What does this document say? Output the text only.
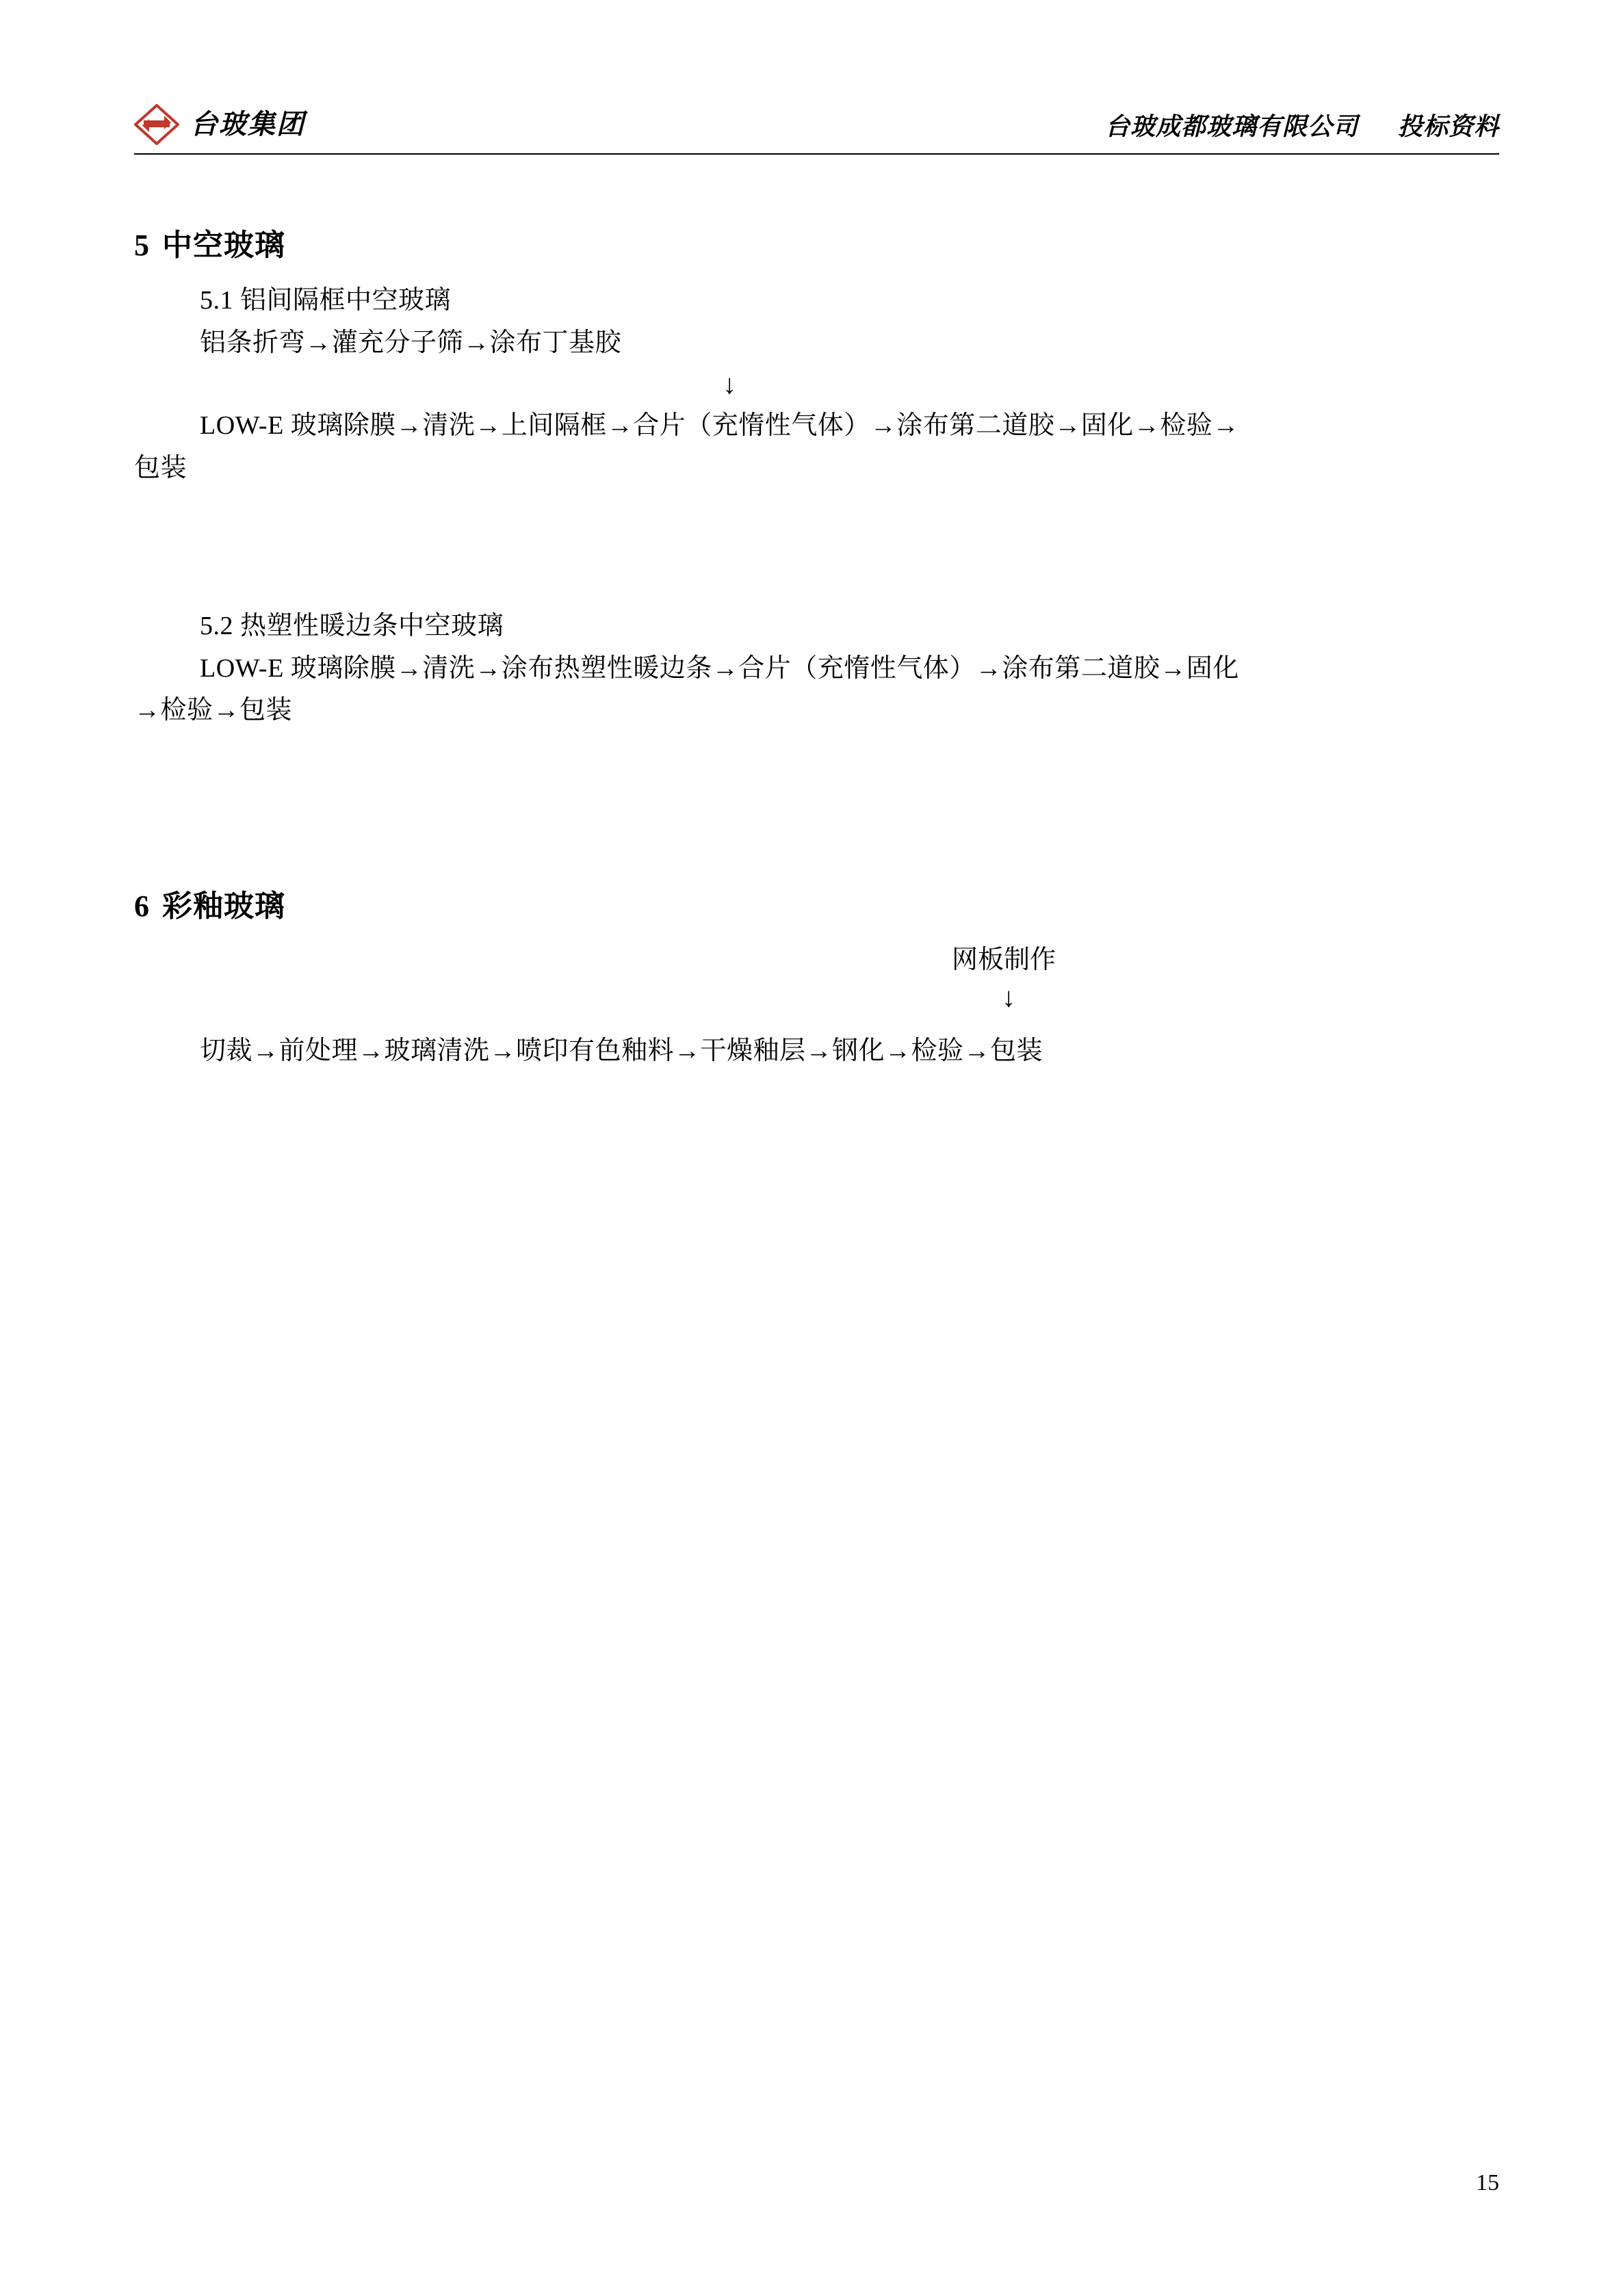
台玻集团	台玻成都玻璃有限公司 投标资料
5 中空玻璃

5.1 铝间隔框中空玻璃

铝条折弯→灌充分子筛→涂布丁基胶

↓

LOW-E 玻璃除膜→清洗→上间隔框→合片（充惰性气体）→涂布第二道胶→固化→检验→

包装

5.2 热塑性暖边条中空玻璃

LOW-E 玻璃除膜→清洗→涂布热塑性暖边条→合片（充惰性气体）→涂布第二道胶→固化

→检验→包装

6 彩釉玻璃

网板制作

↓

切裁→前处理→玻璃清洗→喷印有色釉料→干燥釉层→钢化→检验→包装

15
